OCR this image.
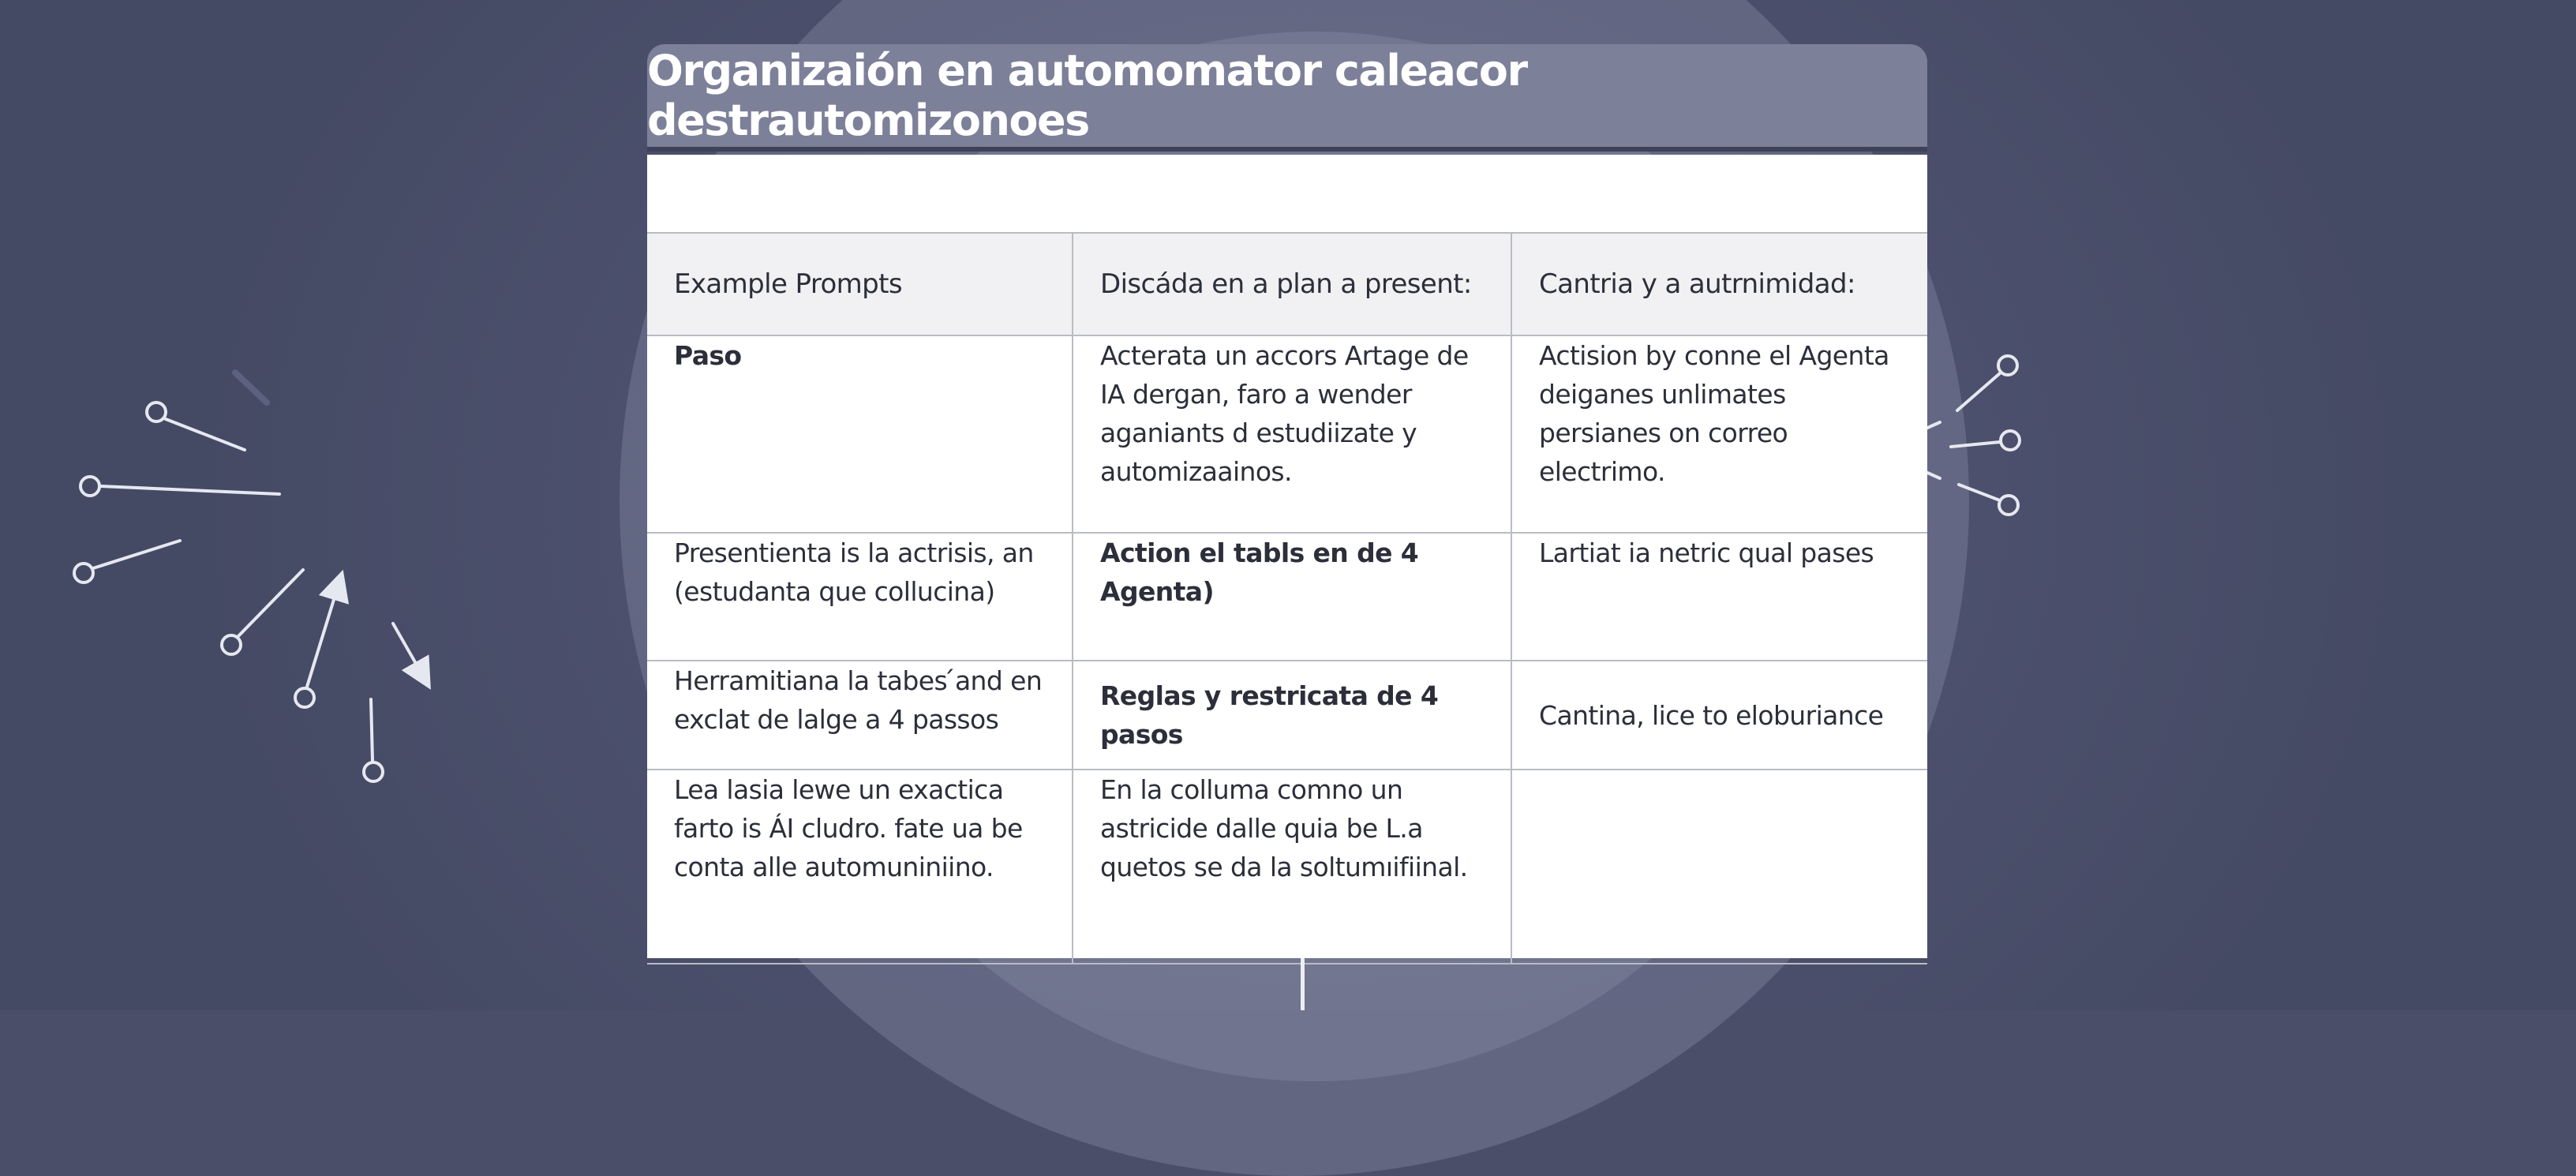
Organizaión en automomator caleacor destrautomizonoes
Example Prompts	Discáda en a plan a present:	Cantria y a autrnimidad:
Paso	Acterata un accors Artage de IA dergan, faro a wender aganiants d estudiizate y automizaainos.	Actision by conne el Agenta deiganes unlimates persianes on correo electrimo.
Presentienta is la actrisis, an (estudanta que collucina)	Action el tabls en de 4 Agenta)	Lartiat ia netric qual pases
Herramitiana la tabes ́and en exclat de lalge a 4 passos	Reglas y restricata de 4 pasos	Cantina, lice to eloburiance
Lea lasia lewe un exactica farto is ÁI cludro. fate ua be conta alle automuniniino.	En la colluma comno un astricide dalle quia be L.a quetos se da la soltumıifiinal.	
